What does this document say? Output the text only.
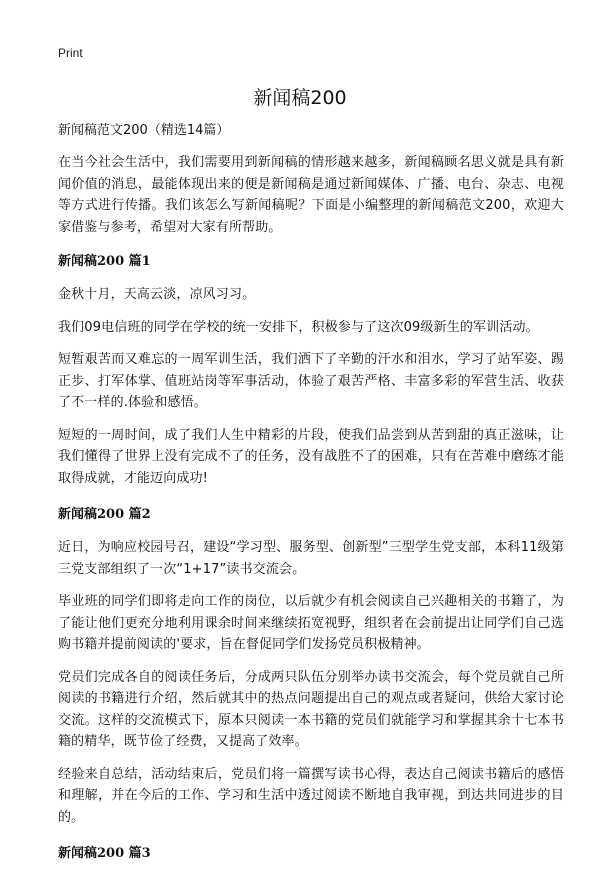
Print
新闻稿200

新闻稿范文200（精选14篇）

在当今社会生活中，我们需要用到新闻稿的情形越来越多，新闻稿顾名思义就是具有新闻价值的消息，最能体现出来的便是新闻稿是通过新闻媒体、广播、电台、杂志、电视等方式进行传播。我们该怎么写新闻稿呢？下面是小编整理的新闻稿范文200，欢迎大家借鉴与参考，希望对大家有所帮助。

新闻稿200 篇1

金秋十月，天高云淡，凉风习习。

我们09电信班的同学在学校的统一安排下，积极参与了这次09级新生的军训活动。

短暂艰苦而又难忘的一周军训生活，我们洒下了辛勤的汗水和泪水，学习了站军姿、踢正步、打军体掌、值班站岗等军事活动，体验了艰苦严格、丰富多彩的军营生活、收获了不一样的.体验和感悟。

短短的一周时间，成了我们人生中精彩的片段，使我们品尝到从苦到甜的真正滋味，让我们懂得了世界上没有完成不了的任务，没有战胜不了的困难，只有在苦难中磨练才能取得成就，才能迈向成功!

新闻稿200 篇2

近日，为响应校园号召，建设“学习型、服务型、创新型”三型学生党支部，本科11级第三党支部组织了一次“1+17”读书交流会。

毕业班的同学们即将走向工作的岗位，以后就少有机会阅读自己兴趣相关的书籍了，为了能让他们更充分地利用课余时间来继续拓宽视野，组织者在会前提出让同学们自己选购书籍并提前阅读的'要求，旨在督促同学们发扬党员积极精神。

党员们完成各自的阅读任务后，分成两只队伍分别举办读书交流会，每个党员就自己所阅读的书籍进行介绍，然后就其中的热点问题提出自己的观点或者疑问，供给大家讨论交流。这样的交流模式下，原本只阅读一本书籍的党员们就能学习和掌握其余十七本书籍的精华，既节俭了经费，又提高了效率。

经验来自总结，活动结束后，党员们将一篇撰写读书心得，表达自己阅读书籍后的感悟和理解，并在今后的工作、学习和生活中透过阅读不断地自我审视，到达共同进步的目的。

新闻稿200 篇3
